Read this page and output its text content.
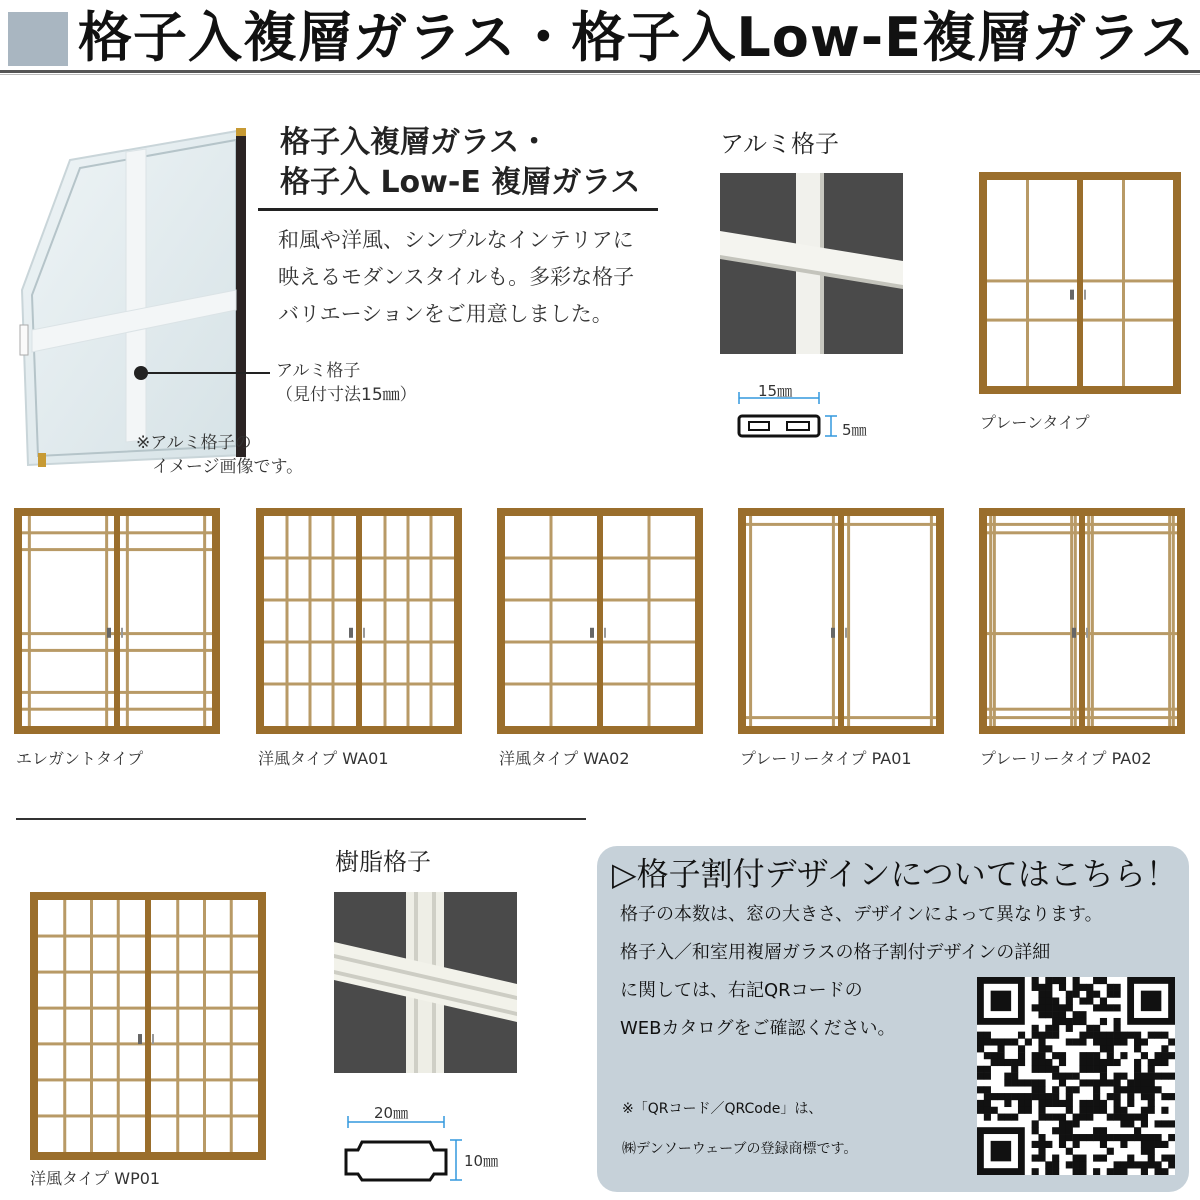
格子入複層ガラス・格子入Low-E複層ガラス
アルミ格子
（見付寸法15㎜）
※アルミ格子の
イメージ画像です。
格子入複層ガラス・
格子入 Low-E 複層ガラス
和風や洋風、シンプルなインテリアに
映えるモダンスタイルも。多彩な格子
バリエーションをご用意しました。
アルミ格子
15㎜
5㎜	プレーンタイプ
エレガントタイプ	洋風タイプ WA01	洋風タイプ WA02	プレーリータイプ PA01	プレーリータイプ PA02
洋風タイプ WP01
樹脂格子
20㎜
10㎜
▷格子割付デザインについてはこちら！
格子の本数は、窓の大きさ、デザインによって異なります。
格子入／和室用複層ガラスの格子割付デザインの詳細
に関しては、右記QRコードの
WEBカタログをご確認ください。
※「QRコード／QRCode」は、
㈱デンソーウェーブの登録商標です。
